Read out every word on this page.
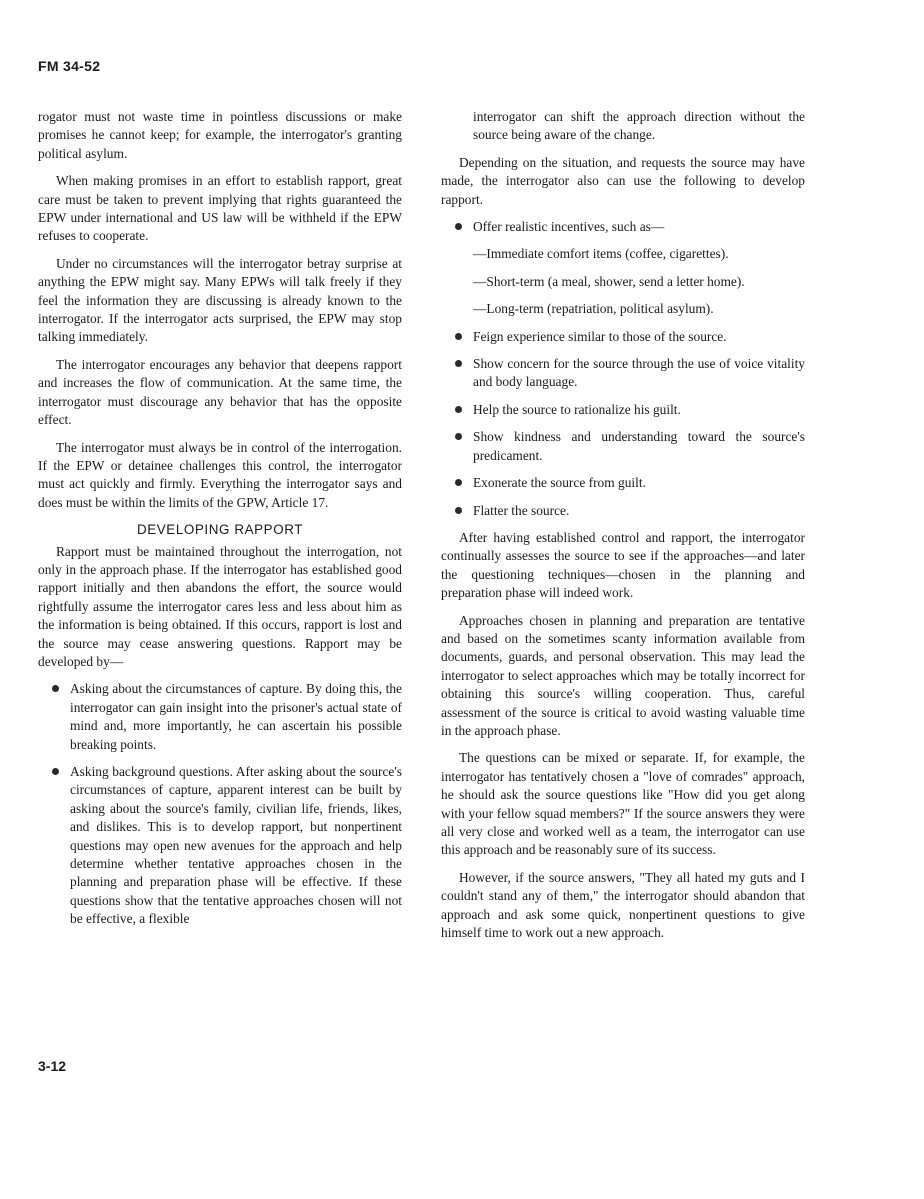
FM 34-52

rogator must not waste time in pointless discussions or make promises he cannot keep; for example, the interrogator's granting political asylum.

When making promises in an effort to establish rapport, great care must be taken to prevent implying that rights guaranteed the EPW under international and US law will be withheld if the EPW refuses to cooperate.

Under no circumstances will the interrogator betray surprise at anything the EPW might say. Many EPWs will talk freely if they feel the information they are discussing is already known to the interrogator. If the interrogator acts surprised, the EPW may stop talking immediately.

The interrogator encourages any behavior that deepens rapport and increases the flow of communication. At the same time, the interrogator must discourage any behavior that has the opposite effect.

The interrogator must always be in control of the interrogation. If the EPW or detainee challenges this control, the interrogator must act quickly and firmly. Everything the interrogator says and does must be within the limits of the GPW, Article 17.

DEVELOPING RAPPORT

Rapport must be maintained throughout the interrogation, not only in the approach phase. If the interrogator has established good rapport initially and then abandons the effort, the source would rightfully assume the interrogator cares less and less about him as the information is being obtained. If this occurs, rapport is lost and the source may cease answering questions. Rapport may be developed by—

Asking about the circumstances of capture. By doing this, the interrogator can gain insight into the prisoner's actual state of mind and, more importantly, he can ascertain his possible breaking points.
Asking background questions. After asking about the source's circumstances of capture, apparent interest can be built by asking about the source's family, civilian life, friends, likes, and dislikes. This is to develop rapport, but nonpertinent questions may open new avenues for the approach and help determine whether tentative approaches chosen in the planning and preparation phase will be effective. If these questions show that the tentative approaches chosen will not be effective, a flexible

interrogator can shift the approach direction without the source being aware of the change.

Depending on the situation, and requests the source may have made, the interrogator also can use the following to develop rapport.

Offer realistic incentives, such as—
—Immediate comfort items (coffee, cigarettes).
—Short-term (a meal, shower, send a letter home).
—Long-term (repatriation, political asylum).
Feign experience similar to those of the source.
Show concern for the source through the use of voice vitality and body language.
Help the source to rationalize his guilt.
Show kindness and understanding toward the source's predicament.
Exonerate the source from guilt.
Flatter the source.

After having established control and rapport, the interrogator continually assesses the source to see if the approaches—and later the questioning techniques—chosen in the planning and preparation phase will indeed work.

Approaches chosen in planning and preparation are tentative and based on the sometimes scanty information available from documents, guards, and personal observation. This may lead the interrogator to select approaches which may be totally incorrect for obtaining this source's willing cooperation. Thus, careful assessment of the source is critical to avoid wasting valuable time in the approach phase.

The questions can be mixed or separate. If, for example, the interrogator has tentatively chosen a "love of comrades" approach, he should ask the source questions like "How did you get along with your fellow squad members?" If the source answers they were all very close and worked well as a team, the interrogator can use this approach and be reasonably sure of its success.

However, if the source answers, "They all hated my guts and I couldn't stand any of them," the interrogator should abandon that approach and ask some quick, nonpertinent questions to give himself time to work out a new approach.

3-12
